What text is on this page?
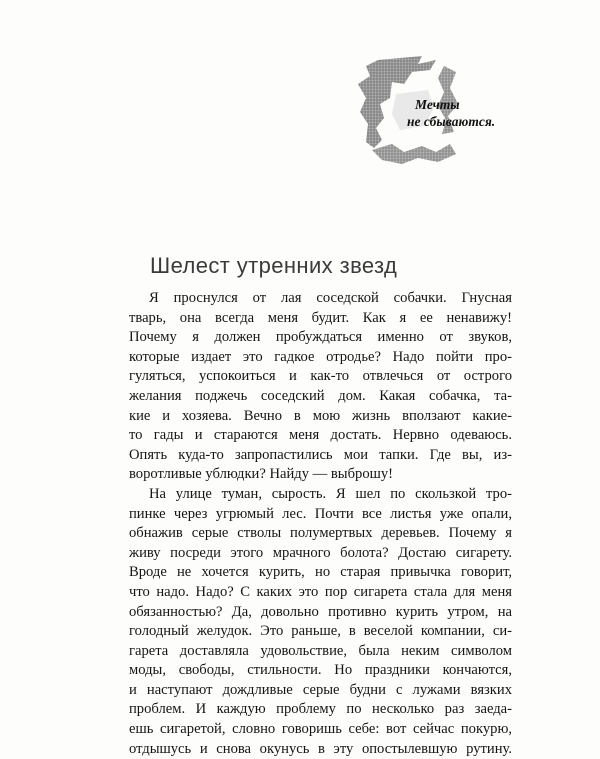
Мечты
не сбываются.
Шелест утренних звезд

Я проснулся от лая соседской собачки. Гнусная
тварь, она всегда меня будит. Как я ее ненавижу!
Почему я должен пробуждаться именно от звуков,
которые издает это гадкое отродье? Надо пойти про-
гуляться, успокоиться и как-то отвлечься от острого
желания поджечь соседский дом. Какая собачка, та-
кие и хозяева. Вечно в мою жизнь вползают какие-
то гады и стараются меня достать. Нервно одеваюсь.
Опять куда-то запропастились мои тапки. Где вы, из-
воротливые ублюдки? Найду — выброшу!

На улице туман, сырость. Я шел по скользкой тро-
пинке через угрюмый лес. Почти все листья уже опали,
обнажив серые стволы полумертвых деревьев. Почему я
живу посреди этого мрачного болота? Достаю сигарету.
Вроде не хочется курить, но старая привычка говорит,
что надо. Надо? С каких это пор сигарета стала для меня
обязанностью? Да, довольно противно курить утром, на
голодный желудок. Это раньше, в веселой компании, си-
гарета доставляла удовольствие, была неким символом
моды, свободы, стильности. Но праздники кончаются,
и наступают дождливые серые будни с лужами вязких
проблем. И каждую проблему по несколько раз заеда-
ешь сигаретой, словно говоришь себе: вот сейчас покурю,
отдышусь и снова окунусь в эту опостылевшую рутину.
